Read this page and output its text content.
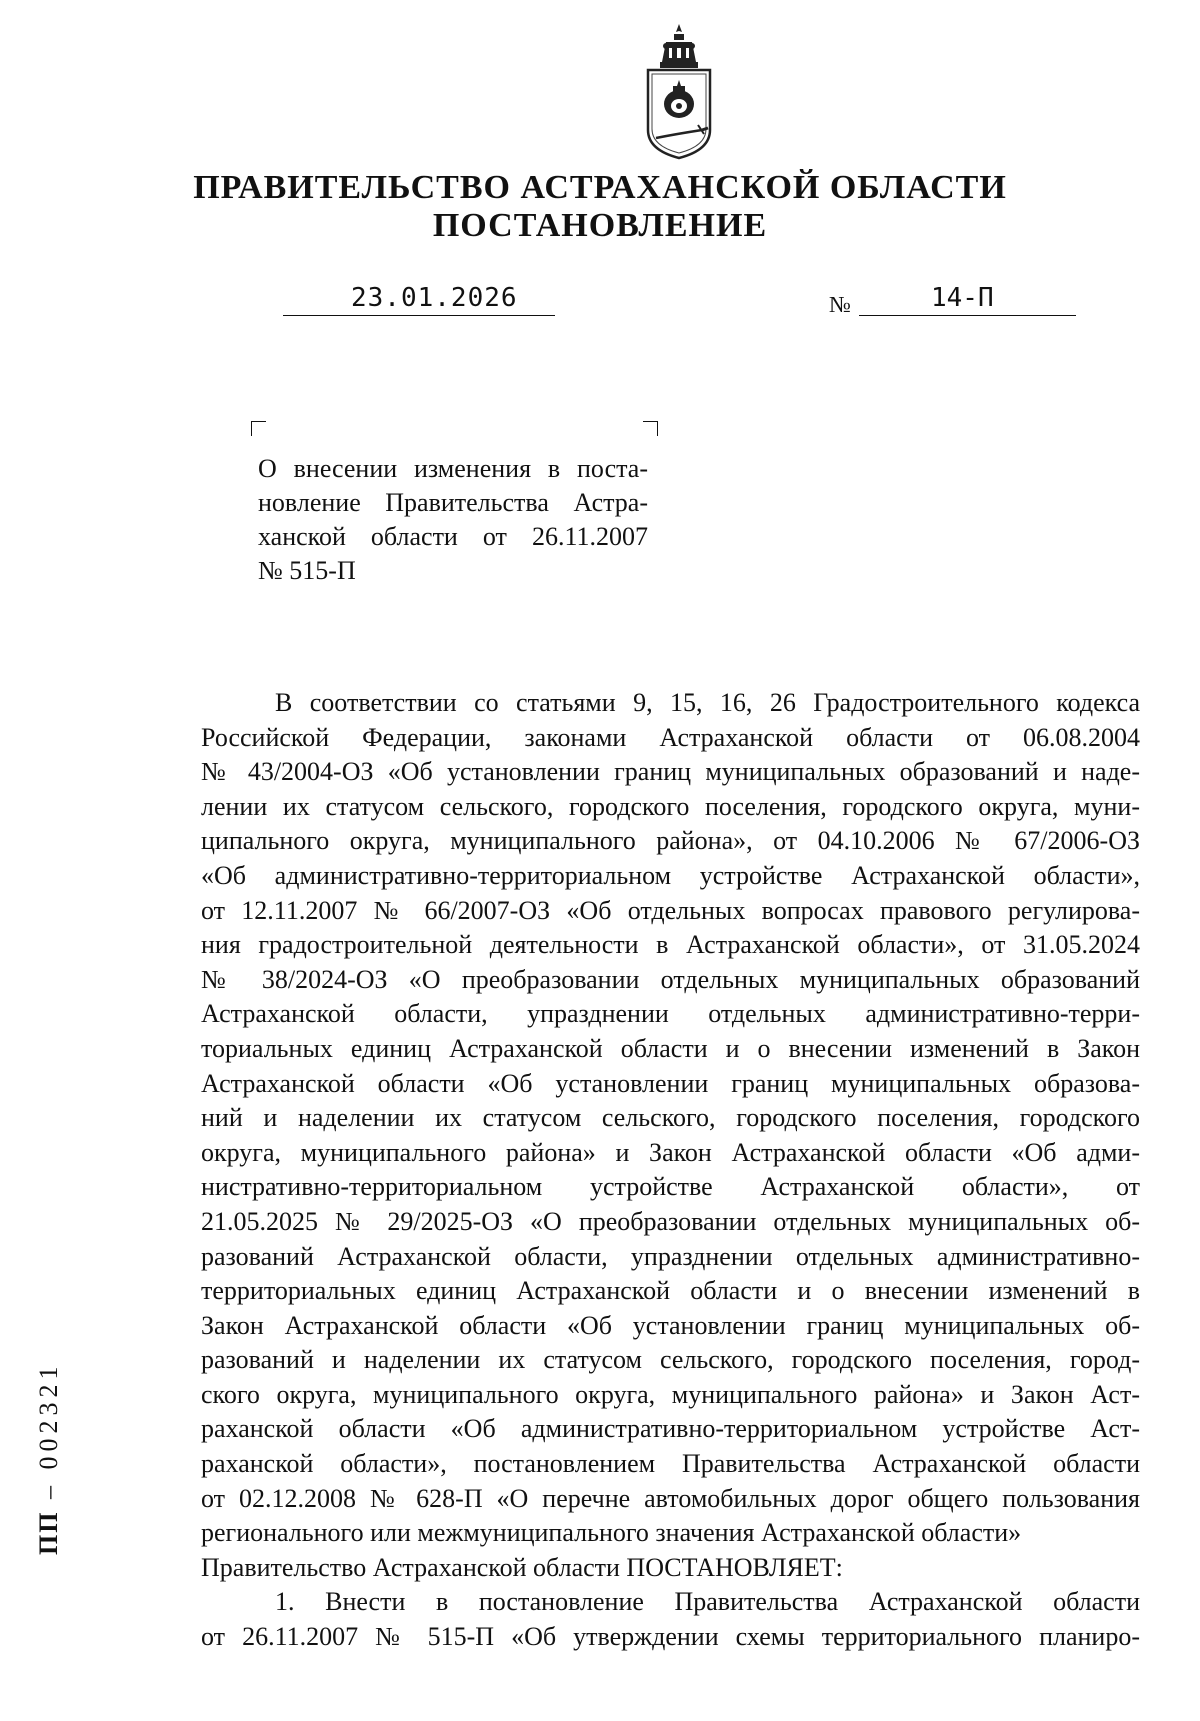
ПРАВИТЕЛЬСТВО АСТРАХАНСКОЙ ОБЛАСТИ
ПОСТАНОВЛЕНИЕ
23.01.2026	№	14-П
О внесении изменения в поста-
новление Правительства Астра-
ханской области от 26.11.2007
№ 515-П
В соответствии со статьями 9, 15, 16, 26 Градостроительного кодекса
Российской Федерации, законами Астраханской области от 06.08.2004
№ 43/2004-ОЗ «Об установлении границ муниципальных образований и наде-
лении их статусом сельского, городского поселения, городского округа, муни-
ципального округа, муниципального района», от 04.10.2006 № 67/2006-ОЗ
«Об административно-территориальном устройстве Астраханской области»,
от 12.11.2007 № 66/2007-ОЗ «Об отдельных вопросах правового регулирова-
ния градостроительной деятельности в Астраханской области», от 31.05.2024
№ 38/2024-ОЗ «О преобразовании отдельных муниципальных образований
Астраханской области, упразднении отдельных административно-терри-
ториальных единиц Астраханской области и о внесении изменений в Закон
Астраханской области «Об установлении границ муниципальных образова-
ний и наделении их статусом сельского, городского поселения, городского
округа, муниципального района» и Закон Астраханской области «Об адми-
нистративно-территориальном устройстве Астраханской области», от
21.05.2025 № 29/2025-ОЗ «О преобразовании отдельных муниципальных об-
разований Астраханской области, упразднении отдельных административно-
территориальных единиц Астраханской области и о внесении изменений в
Закон Астраханской области «Об установлении границ муниципальных об-
разований и наделении их статусом сельского, городского поселения, город-
ского округа, муниципального округа, муниципального района» и Закон Аст-
раханской области «Об административно-территориальном устройстве Аст-
раханской области», постановлением Правительства Астраханской области
от 02.12.2008 № 628-П «О перечне автомобильных дорог общего пользования
регионального или межмуниципального значения Астраханской области»
Правительство Астраханской области ПОСТАНОВЛЯЕТ:
1. Внести в постановление Правительства Астраханской области
от 26.11.2007 № 515-П «Об утверждении схемы территориального планиро-
ПП – 002321
